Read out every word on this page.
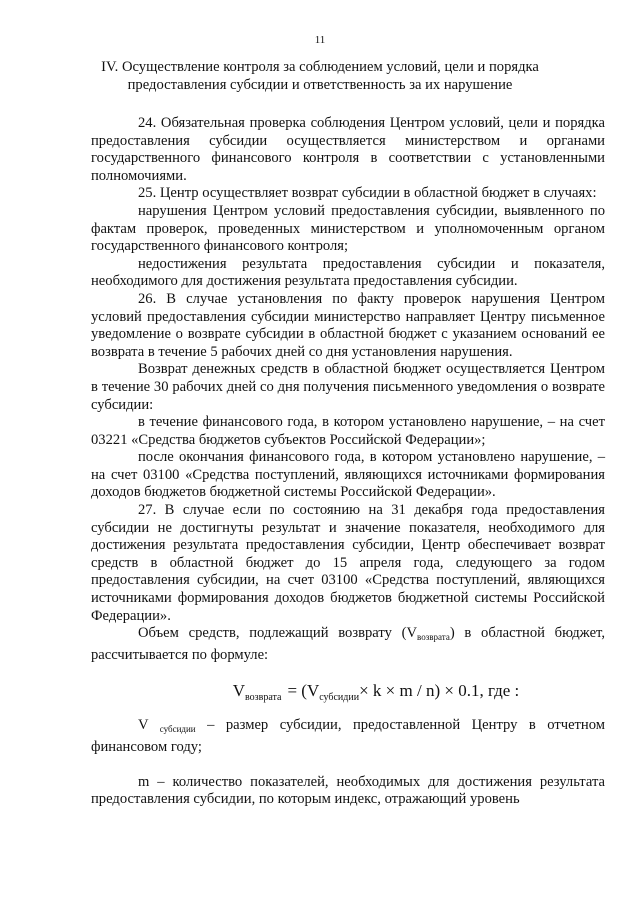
11
IV. Осуществление контроля за соблюдением условий, цели и порядка
предоставления субсидии и ответственность за их нарушение

24. Обязательная проверка соблюдения Центром условий, цели и порядка предоставления субсидии осуществляется министерством и органами государственного финансового контроля в соответствии с установленными полномочиями.

25. Центр осуществляет возврат субсидии в областной бюджет в случаях:

нарушения Центром условий предоставления субсидии, выявленного по фактам проверок, проведенных министерством и уполномоченным органом государственного финансового контроля;

недостижения результата предоставления субсидии и показателя, необходимого для достижения результата предоставления субсидии.

26. В случае установления по факту проверок нарушения Центром условий предоставления субсидии министерство направляет Центру письменное уведомление о возврате субсидии в областной бюджет с указанием оснований ее возврата в течение 5 рабочих дней со дня установления нарушения.

Возврат денежных средств в областной бюджет осуществляется Центром в течение 30 рабочих дней со дня получения письменного уведомления о возврате субсидии:

в течение финансового года, в котором установлено нарушение, – на счет 03221 «Средства бюджетов субъектов Российской Федерации»;

после окончания финансового года, в котором установлено нарушение, – на счет 03100 «Средства поступлений, являющихся источниками формирования доходов бюджетов бюджетной системы Российской Федерации».

27. В случае если по состоянию на 31 декабря года предоставления субсидии не достигнуты результат и значение показателя, необходимого для достижения результата предоставления субсидии, Центр обеспечивает возврат средств в областной бюджет до 15 апреля года, следующего за годом предоставления субсидии, на счет 03100 «Средства поступлений, являющихся источниками формирования доходов бюджетов бюджетной системы Российской Федерации».

Объем средств, подлежащий возврату $(V_{возврата})$ в областной бюджет, рассчитывается по формуле:

$V_{возврата} = (V_{субсидии}\times k \times m / n) \times 0.1$, где :

V $_{субсидии}$ – размер субсидии, предоставленной Центру в отчетном финансовом году;

m – количество показателей, необходимых для достижения результата предоставления субсидии, по которым индекс, отражающий уровень
